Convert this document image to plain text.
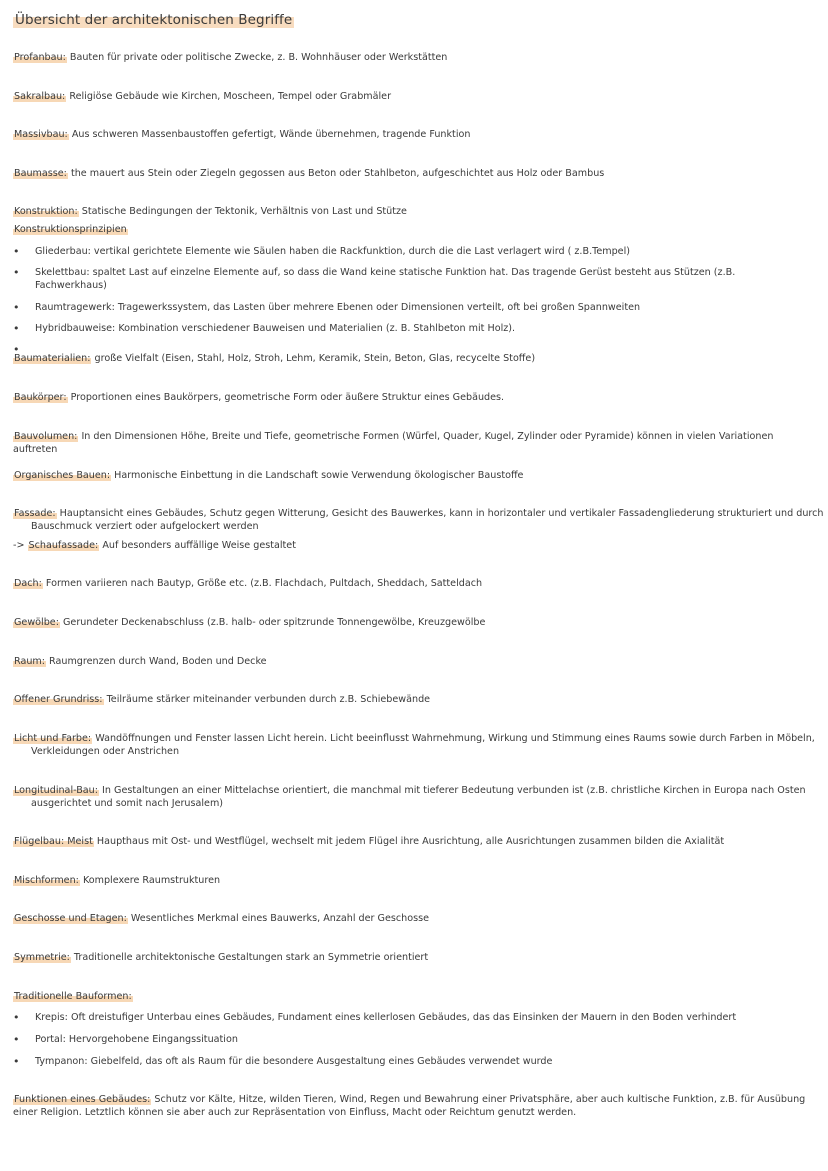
Übersicht der architektonischen Begriffe
Profanbau: Bauten für private oder politische Zwecke, z. B. Wohnhäuser oder Werkstätten
Sakralbau: Religiöse Gebäude wie Kirchen, Moscheen, Tempel oder Grabmäler
Massivbau: Aus schweren Massenbaustoffen gefertigt, Wände übernehmen, tragende Funktion
Baumasse: the mauert aus Stein oder Ziegeln gegossen aus Beton oder Stahlbeton, aufgeschichtet aus Holz oder Bambus
Konstruktion: Statische Bedingungen der Tektonik, Verhältnis von Last und Stütze
Konstruktionsprinzipien
• Gliederbau: vertikal gerichtete Elemente wie Säulen haben die Rackfunktion, durch die die Last verlagert wird ( z.B.Tempel)
• Skelettbau: spaltet Last auf einzelne Elemente auf, so dass die Wand keine statische Funktion hat. Das tragende Gerüst besteht aus Stützen (z.B. Fachwerkhaus)
• Raumtragewerk: Tragewerkssystem, das Lasten über mehrere Ebenen oder Dimensionen verteilt, oft bei großen Spannweiten
• Hybridbauweise: Kombination verschiedener Bauweisen und Materialien (z. B. Stahlbeton mit Holz).
Baumaterialien: große Vielfalt (Eisen, Stahl, Holz, Stroh, Lehm, Keramik, Stein, Beton, Glas, recycelte Stoffe)
Baukörper: Proportionen eines Baukörpers, geometrische Form oder äußere Struktur eines Gebäudes.
Bauvolumen: In den Dimensionen Höhe, Breite und Tiefe, geometrische Formen (Würfel, Quader, Kugel, Zylinder oder Pyramide) können in vielen Variationen auftreten
Organisches Bauen: Harmonische Einbettung in die Landschaft sowie Verwendung ökologischer Baustoffe
Fassade: Hauptansicht eines Gebäudes, Schutz gegen Witterung, Gesicht des Bauwerkes, kann in horizontaler und vertikaler Fassadengliederung strukturiert und durch Bauschmuck verziert oder aufgelockert werden
-> Schaufassade: Auf besonders auffällige Weise gestaltet
Dach: Formen variieren nach Bautyp, Größe etc. (z.B. Flachdach, Pultdach, Sheddach, Satteldach
Gewölbe: Gerundeter Deckenabschluss (z.B. halb- oder spitzrunde Tonnengewölbe, Kreuzgewölbe
Raum: Raumgrenzen durch Wand, Boden und Decke
Offener Grundriss: Teilräume stärker miteinander verbunden durch z.B. Schiebewände
Licht und Farbe: Wandöffnungen und Fenster lassen Licht herein. Licht beeinflusst Wahrnehmung, Wirkung und Stimmung eines Raums sowie durch Farben in Möbeln, Verkleidungen oder Anstrichen
Longitudinal-Bau: In Gestaltungen an einer Mittelachse orientiert, die manchmal mit tieferer Bedeutung verbunden ist (z.B. christliche Kirchen in Europa nach Osten ausgerichtet und somit nach Jerusalem)
Flügelbau: Meist Haupthaus mit Ost- und Westflügel, wechselt mit jedem Flügel ihre Ausrichtung, alle Ausrichtungen zusammen bilden die Axialität
Mischformen: Komplexere Raumstrukturen
Geschosse und Etagen: Wesentliches Merkmal eines Bauwerks, Anzahl der Geschosse
Symmetrie: Traditionelle architektonische Gestaltungen stark an Symmetrie orientiert
Traditionelle Bauformen:
• Krepis: Oft dreistufiger Unterbau eines Gebäudes, Fundament eines kellerlosen Gebäudes, das das Einsinken der Mauern in den Boden verhindert
• Portal: Hervorgehobene Eingangssituation
• Tympanon: Giebelfeld, das oft als Raum für die besondere Ausgestaltung eines Gebäudes verwendet wurde
Funktionen eines Gebäudes: Schutz vor Kälte, Hitze, wilden Tieren, Wind, Regen und Bewahrung einer Privatsphäre, aber auch kultische Funktion, z.B. für Ausübung einer Religion. Letztlich können sie aber auch zur Repräsentation von Einfluss, Macht oder Reichtum genutzt werden.
